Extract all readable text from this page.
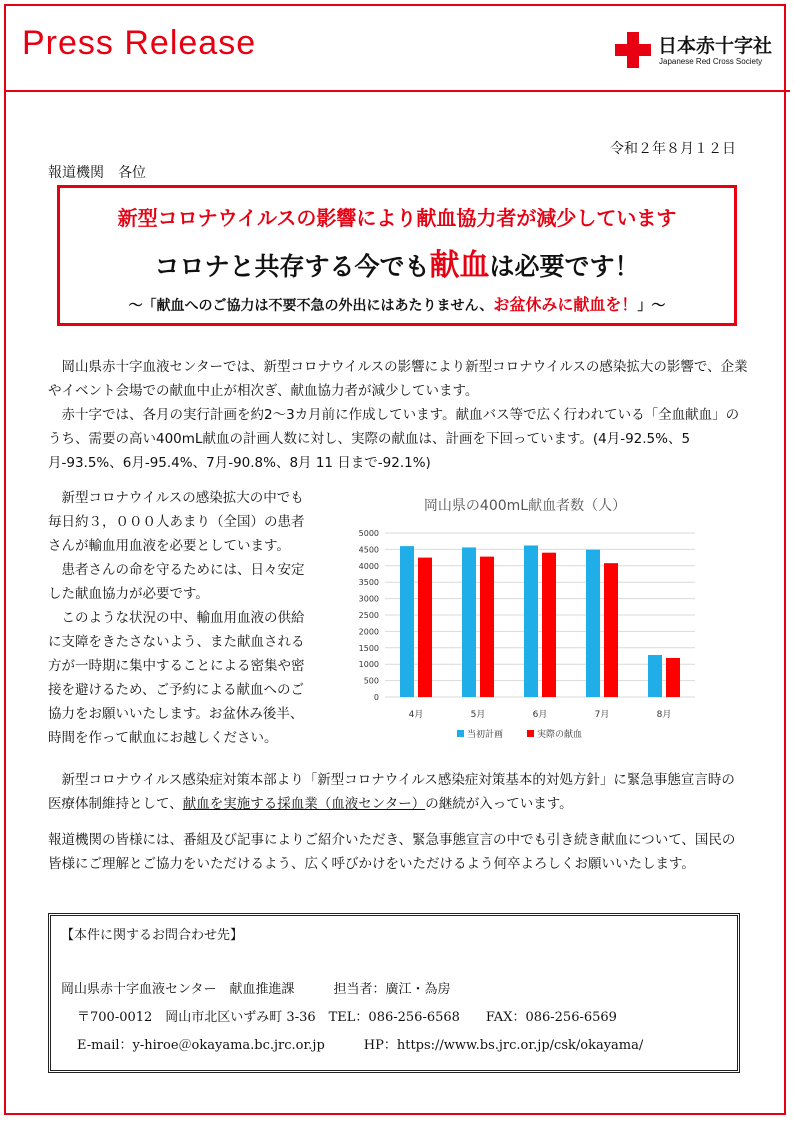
Press Release	日本赤十字社
Japanese Red Cross Society
令和２年８月１２日
報道機関　各位
新型コロナウイルスの影響により献血協力者が減少しています
コロナと共存する今でも献血は必要です！
～「献血へのご協力は不要不急の外出にはあたりません、お盆休みに献血を！」～
　岡山県赤十字血液センターでは、新型コロナウイルスの影響により新型コロナウイルスの感染拡大の影響で、企業やイベント会場での献血中止が相次ぎ、献血協力者が減少しています。
　赤十字では、各月の実行計画を約2～3カ月前に作成しています。献血バス等で広く行われている「全血献血」のうち、需要の高い400mL献血の計画人数に対し、実際の献血は、計画を下回っています。(4月-92.5%、5月-93.5%、6月-95.4%、7月-90.8%、8月 11 日まで-92.1%)

　新型コロナウイルスの感染拡大の中でも毎日約３，０００人あまり（全国）の患者さんが輸血用血液を必要としています。

　患者さんの命を守るためには、日々安定した献血協力が必要です。

　このような状況の中、輸血用血液の供給に支障をきたさないよう、また献血される方が一時期に集中することによる密集や密接を避けるため、ご予約による献血へのご協力をお願いいたします。お盆休み後半、時間を作って献血にお越しください。

岡山県の400mL献血者数（人）
0
500
1000
1500
2000
2500
3000
3500
4000
4500
5000
4月	5月	6月	7月	8月
当初計画	実際の献血
　新型コロナウイルス感染症対策本部より「新型コロナウイルス感染症対策基本的対処方針」に緊急事態宣言時の医療体制維持として、献血を実施する採血業（血液センター）の継続が入っています。
報道機関の皆様には、番組及び記事によりご紹介いただき、緊急事態宣言の中でも引き続き献血について、国民の皆様にご理解とご協力をいただけるよう、広く呼びかけをいただけるよう何卒よろしくお願いいたします。
【本件に関するお問合わせ先】
岡山県赤十字血液センター　献血推進課　　　担当者：廣江・為房
〒700-0012　岡山市北区いずみ町 3-36　TEL：086-256-6568　　FAX：086-256-6569
E-mail：y-hiroe＠okayama.bc.jrc.or.jp　　　HP：https://www.bs.jrc.or.jp/csk/okayama/
